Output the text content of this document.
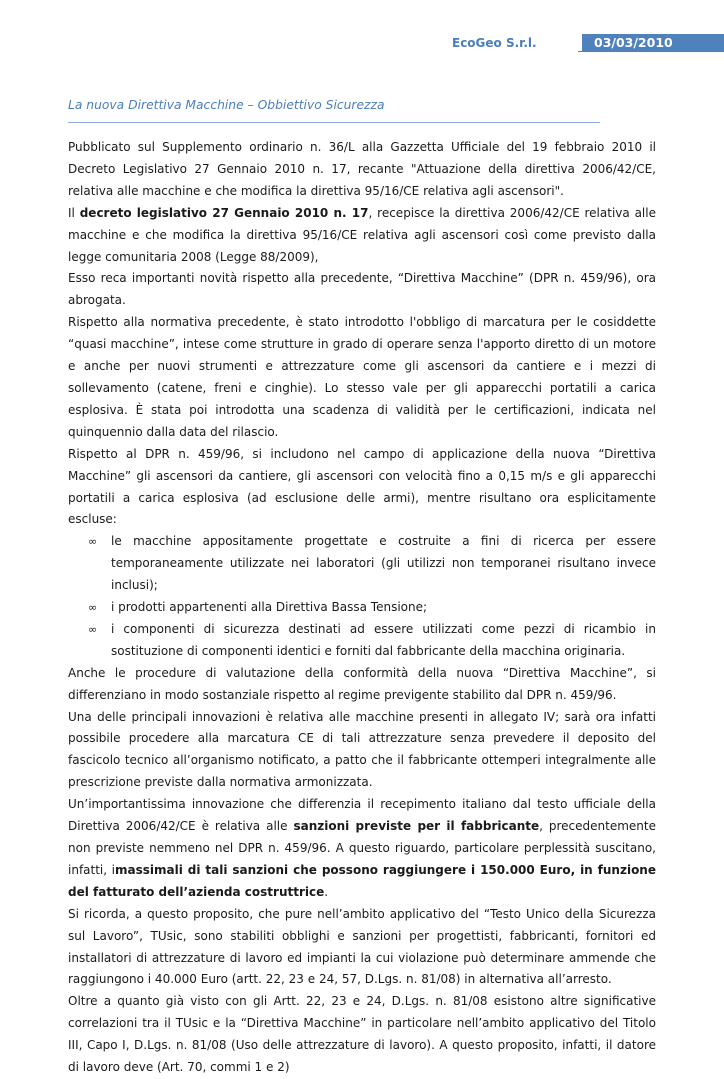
EcoGeo S.r.l.	03/03/2010
La nuova Direttiva Macchine – Obbiettivo Sicurezza

Pubblicato sul Supplemento ordinario n. 36/L alla Gazzetta Ufficiale del 19 febbraio 2010 il Decreto Legislativo 27 Gennaio 2010 n. 17, recante "Attuazione della direttiva 2006/42/CE, relativa alle macchine e che modifica la direttiva 95/16/CE relativa agli ascensori".

Il decreto legislativo 27 Gennaio 2010 n. 17, recepisce la direttiva 2006/42/CE relativa alle macchine e che modifica la direttiva 95/16/CE relativa agli ascensori così come previsto dalla legge comunitaria 2008 (Legge 88/2009),

Esso reca importanti novità rispetto alla precedente, “Direttiva Macchine” (DPR n. 459/96), ora abrogata.

Rispetto alla normativa precedente, è stato introdotto l'obbligo di marcatura per le cosiddette “quasi macchine”, intese come strutture in grado di operare senza l'apporto diretto di un motore e anche per nuovi strumenti e attrezzature come gli ascensori da cantiere e i mezzi di sollevamento (catene, freni e cinghie). Lo stesso vale per gli apparecchi portatili a carica esplosiva. È stata poi introdotta una scadenza di validità per le certificazioni, indicata nel quinquennio dalla data del rilascio.

Rispetto al DPR n. 459/96, si includono nel campo di applicazione della nuova “Direttiva Macchine” gli ascensori da cantiere, gli ascensori con velocità fino a 0,15 m/s e gli apparecchi portatili a carica esplosiva (ad esclusione delle armi), mentre risultano ora esplicitamente escluse:

∞ le macchine appositamente progettate e costruite a fini di ricerca per essere temporaneamente utilizzate nei laboratori (gli utilizzi non temporanei risultano invece inclusi);
∞ i prodotti appartenenti alla Direttiva Bassa Tensione;
∞ i componenti di sicurezza destinati ad essere utilizzati come pezzi di ricambio in sostituzione di componenti identici e forniti dal fabbricante della macchina originaria.

Anche le procedure di valutazione della conformità della nuova “Direttiva Macchine”, si differenziano in modo sostanziale rispetto al regime previgente stabilito dal DPR n. 459/96.

Una delle principali innovazioni è relativa alle macchine presenti in allegato IV; sarà ora infatti possibile procedere alla marcatura CE di tali attrezzature senza prevedere il deposito del fascicolo tecnico all’organismo notificato, a patto che il fabbricante ottemperi integralmente alle prescrizione previste dalla normativa armonizzata.

Un’importantissima innovazione che differenzia il recepimento italiano dal testo ufficiale della Direttiva 2006/42/CE è relativa alle sanzioni previste per il fabbricante, precedentemente non previste nemmeno nel DPR n. 459/96. A questo riguardo, particolare perplessità suscitano, infatti, imassimali di tali sanzioni che possono raggiungere i 150.000 Euro, in funzione del fatturato dell’azienda costruttrice.

Si ricorda, a questo proposito, che pure nell’ambito applicativo del “Testo Unico della Sicurezza sul Lavoro”, TUsic, sono stabiliti obblighi e sanzioni per progettisti, fabbricanti, fornitori ed installatori di attrezzature di lavoro ed impianti la cui violazione può determinare ammende che raggiungono i 40.000 Euro (artt. 22, 23 e 24, 57, D.Lgs. n. 81/08) in alternativa all’arresto.

Oltre a quanto già visto con gli Artt. 22, 23 e 24, D.Lgs. n. 81/08 esistono altre significative correlazioni tra il TUsic e la “Direttiva Macchine” in particolare nell’ambito applicativo del Titolo III, Capo I, D.Lgs. n. 81/08 (Uso delle attrezzature di lavoro). A questo proposito, infatti, il datore di lavoro deve (Art. 70, commi 1 e 2)
